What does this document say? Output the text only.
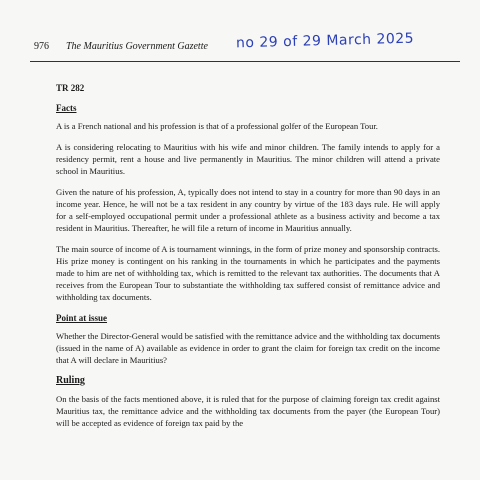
976 The Mauritius Government Gazette no 29 of 29 March 2025
TR 282
Facts

A is a French national and his profession is that of a professional golfer of the European Tour.

A is considering relocating to Mauritius with his wife and minor children. The family intends to apply for a residency permit, rent a house and live permanently in Mauritius. The minor children will attend a private school in Mauritius.

Given the nature of his profession, A, typically does not intend to stay in a country for more than 90 days in an income year. Hence, he will not be a tax resident in any country by virtue of the 183 days rule. He will apply for a self-employed occupational permit under a professional athlete as a business activity and become a tax resident in Mauritius. Thereafter, he will file a return of income in Mauritius annually.

The main source of income of A is tournament winnings, in the form of prize money and sponsorship contracts. His prize money is contingent on his ranking in the tournaments in which he participates and the payments made to him are net of withholding tax, which is remitted to the relevant tax authorities. The documents that A receives from the European Tour to substantiate the withholding tax suffered consist of remittance advice and withholding tax documents.

Point at issue

Whether the Director-General would be satisfied with the remittance advice and the withholding tax documents (issued in the name of A) available as evidence in order to grant the claim for foreign tax credit on the income that A will declare in Mauritius?

Ruling

On the basis of the facts mentioned above, it is ruled that for the purpose of claiming foreign tax credit against Mauritius tax, the remittance advice and the withholding tax documents from the payer (the European Tour) will be accepted as evidence of foreign tax paid by the
